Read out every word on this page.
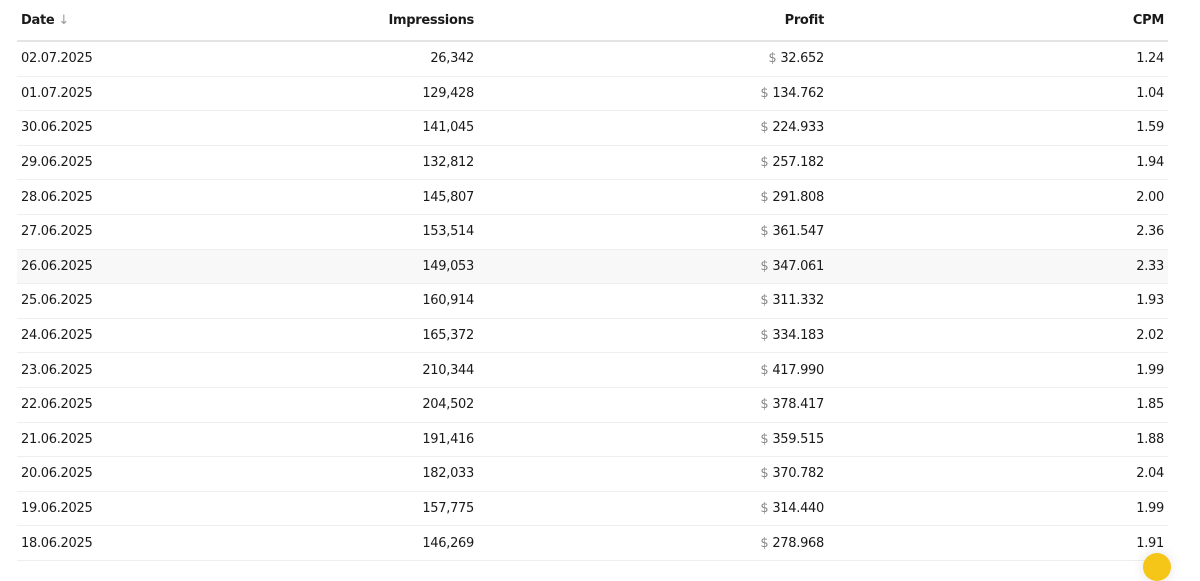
Date ↓	Impressions	Profit	CPM
02.07.2025	26,342	$ 32.652	1.24
01.07.2025	129,428	$ 134.762	1.04
30.06.2025	141,045	$ 224.933	1.59
29.06.2025	132,812	$ 257.182	1.94
28.06.2025	145,807	$ 291.808	2.00
27.06.2025	153,514	$ 361.547	2.36
26.06.2025	149,053	$ 347.061	2.33
25.06.2025	160,914	$ 311.332	1.93
24.06.2025	165,372	$ 334.183	2.02
23.06.2025	210,344	$ 417.990	1.99
22.06.2025	204,502	$ 378.417	1.85
21.06.2025	191,416	$ 359.515	1.88
20.06.2025	182,033	$ 370.782	2.04
19.06.2025	157,775	$ 314.440	1.99
18.06.2025	146,269	$ 278.968	1.91
